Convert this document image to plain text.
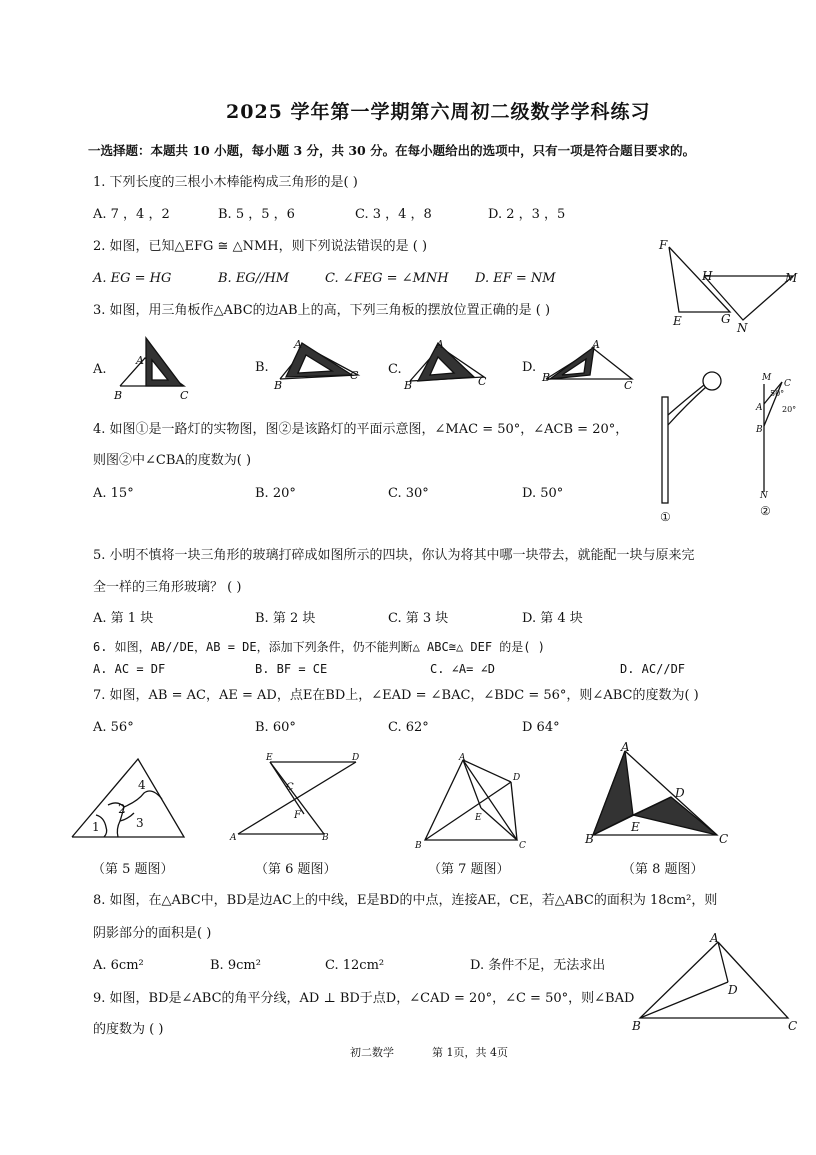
2025 学年第一学期第六周初二级数学学科练习
一选择题：本题共 10 小题，每小题 3 分，共 30 分。在每小题给出的选项中，只有一项是符合题目要求的。
1. 下列长度的三根小木棒能构成三角形的是( )
A. 7 ，4 ，2	B. 5 ，5 ，6	C. 3 ，4 ，8	D. 2 ，3 ，5
2. 如图，已知△EFG ≅ △NMH，则下列说法错误的是 ( )
A. EG = HG	B. EG//HM	C. ∠FEG = ∠MNH D. EF = NM
F
H	M
E	G
N
3. 如图，用三角板作△ABC的边AB上的高，下列三角板的摆放位置正确的是 ( )
A.	B.	C.	D.
A
B	C
A
B
C
A
B	C
A
B
C
4. 如图①是一路灯的实物图，图②是该路灯的平面示意图，∠MAC = 50°，∠ACB = 20°，
则图②中∠CBA的度数为( )
A. 15°	B. 20°	C. 30°	D. 50°
①
M
C
A
50°
20°
B
N
②
5. 小明不慎将一块三角形的玻璃打碎成如图所示的四块，你认为将其中哪一块带去，就能配一块与原来完
全一样的三角形玻璃？ ( )
A. 第 1 块	B. 第 2 块	C. 第 3 块	D. 第 4 块
6. 如图，AB//DE，AB = DE，添加下列条件，仍不能判断△ ABC≅△ DEF 的是( )
A. AC = DF	B. BF = CE	C. ∠A= ∠D	D. AC//DF
7. 如图，AB = AC，AE = AD，点E在BD上，∠EAD = ∠BAC，∠BDC = 56°，则∠ABC的度数为( )
A. 56°	B. 60°	C. 62°	D 64°
1
2
3
4
（第 5 题图）
E	D
C
F
A	B
（第 6 题图）
A
D
E
B	C
（第 7 题图）
A
D
E
B	C
（第 8 题图）
8. 如图，在△ABC中，BD是边AC上的中线，E是BD的中点，连接AE，CE，若△ABC的面积为 18cm²，则
阴影部分的面积是( )
A. 6cm²	B. 9cm²	C. 12cm²	D. 条件不足，无法求出
9. 如图，BD是∠ABC的角平分线，AD ⊥ BD于点D，∠CAD = 20°，∠C = 50°，则∠BAD
的度数为 ( )
A
D
B	C
初二数学	第 1页，共 4页
